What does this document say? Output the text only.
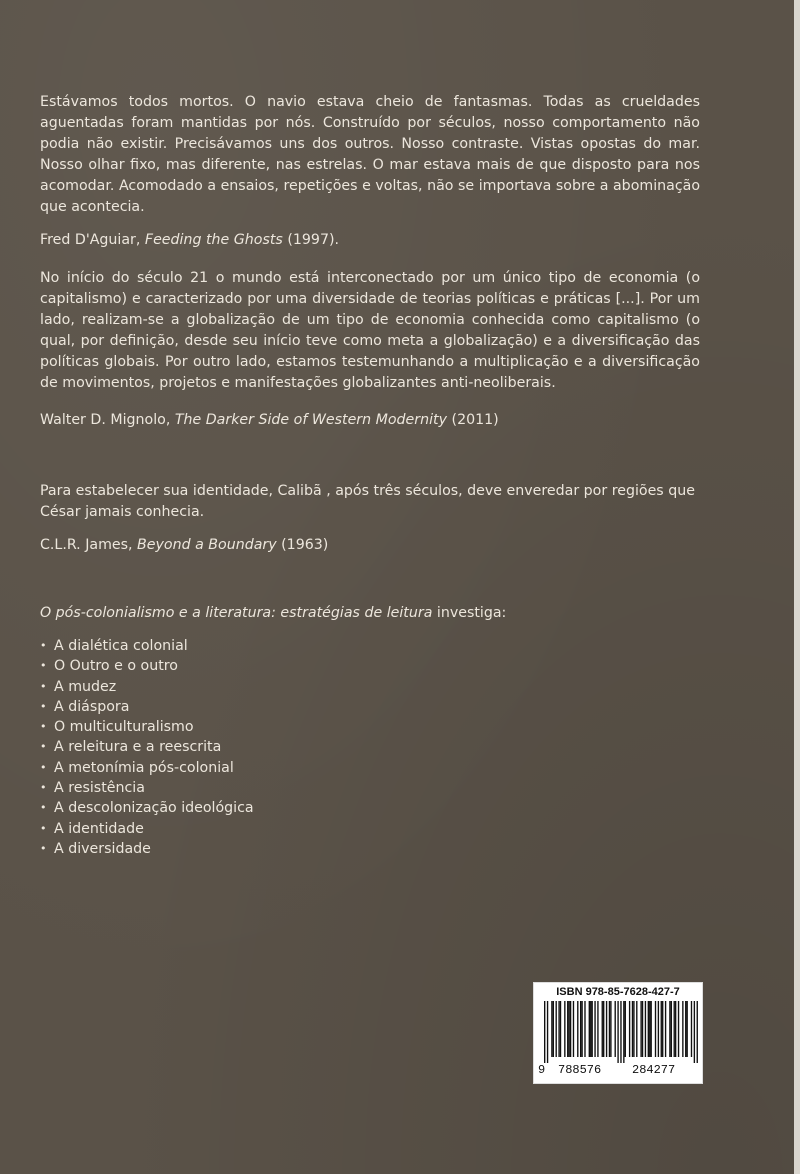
Estávamos todos mortos. O navio estava cheio de fantasmas. Todas as crueldades aguentadas foram mantidas por nós. Construído por séculos, nosso comportamento não podia não existir. Precisávamos uns dos outros. Nosso contraste. Vistas opostas do mar. Nosso olhar fixo, mas diferente, nas estrelas. O mar estava mais de que disposto para nos acomodar. Acomodado a ensaios, repetições e voltas, não se importava sobre a abominação que acontecia.

Fred D'Aguiar, Feeding the Ghosts (1997).

No início do século 21 o mundo está interconectado por um único tipo de economia (o capitalismo) e caracterizado por uma diversidade de teorias políticas e práticas [...]. Por um lado, realizam-se a globalização de um tipo de economia conhecida como capitalismo (o qual, por definição, desde seu início teve como meta a globalização) e a diversificação das políticas globais. Por outro lado, estamos testemunhando a multiplicação e a diversificação de movimentos, projetos e manifestações globalizantes anti-neoliberais.

Walter D. Mignolo, The Darker Side of Western Modernity (2011)

Para estabelecer sua identidade, Calibã , após três séculos, deve enveredar por regiões que César jamais conhecia.

C.L.R. James, Beyond a Boundary (1963)

O pós-colonialismo e a literatura: estratégias de leitura investiga:

• A dialética colonial
• O Outro e o outro
• A mudez
• A diáspora
• O multiculturalismo
• A releitura e a reescrita
• A metonímia pós-colonial
• A resistência
• A descolonização ideológica
• A identidade
• A diversidade
ISBN 978-85-7628-427-7
9 788576	284277
